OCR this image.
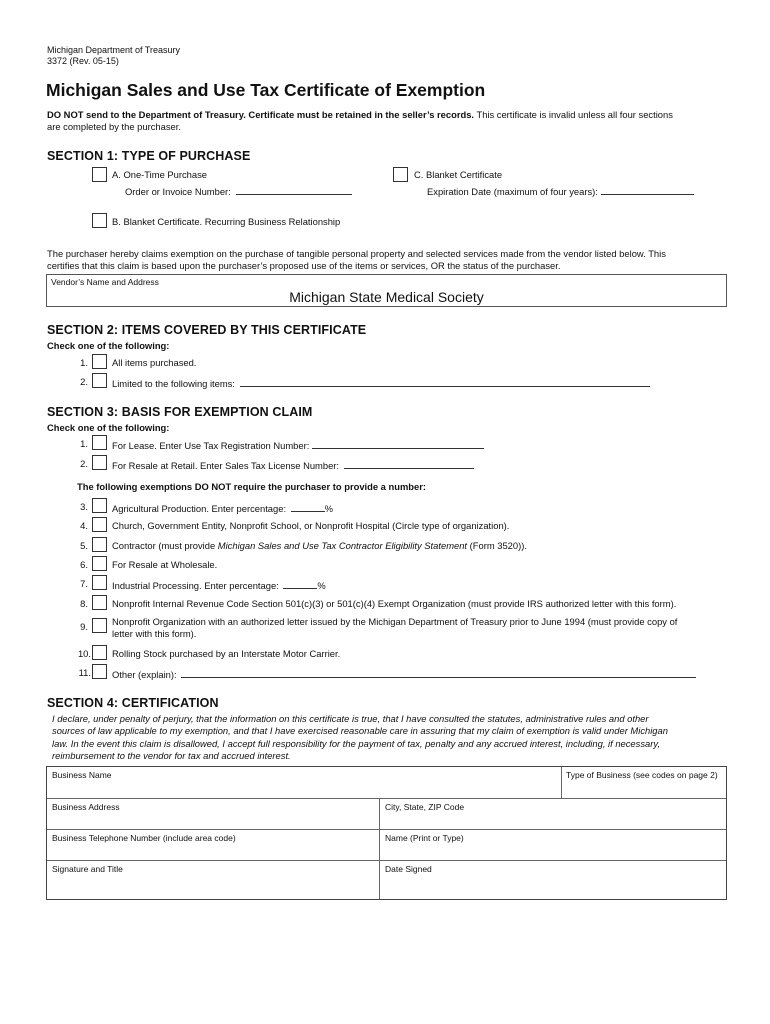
Michigan Department of Treasury
3372 (Rev. 05-15)
Michigan Sales and Use Tax Certificate of Exemption
DO NOT send to the Department of Treasury. Certificate must be retained in the seller’s records. This certificate is invalid unless all four sections
are completed by the purchaser.
SECTION 1: TYPE OF PURCHASE
A. One-Time Purchase
Order or Invoice Number:
C. Blanket Certificate
Expiration Date (maximum of four years):
B. Blanket Certificate. Recurring Business Relationship
The purchaser hereby claims exemption on the purchase of tangible personal property and selected services made from the vendor listed below. This
certifies that this claim is based upon the purchaser’s proposed use of the items or services, OR the status of the purchaser.
Vendor’s Name and Address
Michigan State Medical Society
SECTION 2: ITEMS COVERED BY THIS CERTIFICATE
Check one of the following:
1.	All items purchased.
2.	Limited to the following items:
SECTION 3: BASIS FOR EXEMPTION CLAIM
Check one of the following:
1.	For Lease. Enter Use Tax Registration Number:
2.	For Resale at Retail. Enter Sales Tax License Number:
The following exemptions DO NOT require the purchaser to provide a number:
3.	Agricultural Production. Enter percentage:	%
4.	Church, Government Entity, Nonprofit School, or Nonprofit Hospital (Circle type of organization).
5.	Contractor (must provide Michigan Sales and Use Tax Contractor Eligibility Statement (Form 3520)).
6.	For Resale at Wholesale.
7.	Industrial Processing. Enter percentage:	%
8.	Nonprofit Internal Revenue Code Section 501(c)(3) or 501(c)(4) Exempt Organization (must provide IRS authorized letter with this form).
9.	Nonprofit Organization with an authorized letter issued by the Michigan Department of Treasury prior to June 1994 (must provide copy of
letter with this form).
10. Rolling Stock purchased by an Interstate Motor Carrier.
11. Other (explain):
SECTION 4: CERTIFICATION
I declare, under penalty of perjury, that the information on this certificate is true, that I have consulted the statutes, administrative rules and other
sources of law applicable to my exemption, and that I have exercised reasonable care in assuring that my claim of exemption is valid under Michigan
law. In the event this claim is disallowed, I accept full responsibility for the payment of tax, penalty and any accrued interest, including, if necessary,
reimbursement to the vendor for tax and accrued interest.
Business Name	Type of Business (see codes on page 2)
Business Address	City, State, ZIP Code
Business Telephone Number (include area code)	Name (Print or Type)
Signature and Title	Date Signed
